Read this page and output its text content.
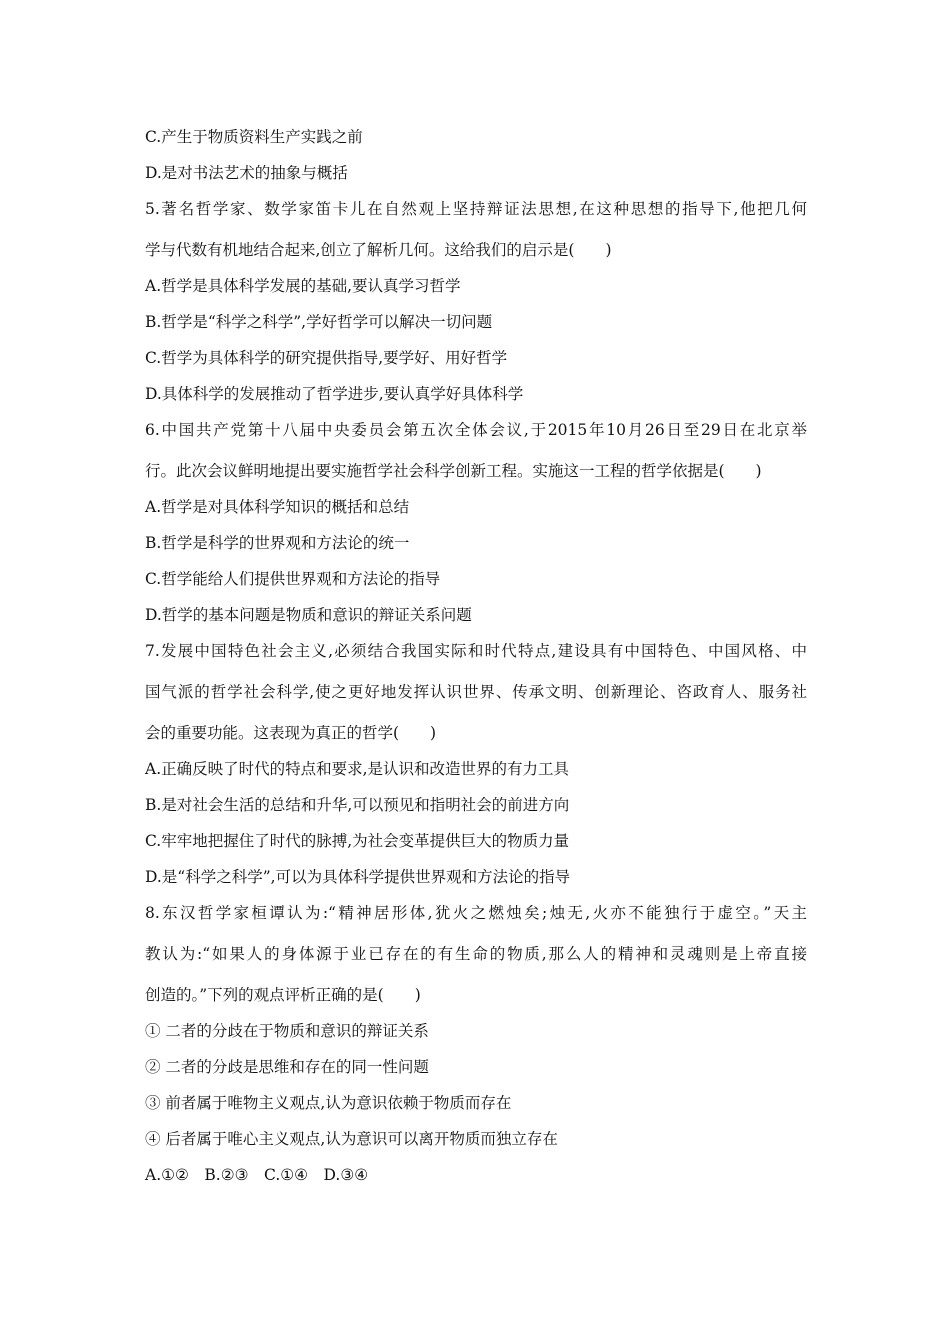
C.产生于物质资料生产实践之前
D.是对书法艺术的抽象与概括
5.著名哲学家、数学家笛卡儿在自然观上坚持辩证法思想,在这种思想的指导下,他把几何
学与代数有机地结合起来,创立了解析几何。这给我们的启示是(　　)
A.哲学是具体科学发展的基础,要认真学习哲学
B.哲学是“科学之科学”,学好哲学可以解决一切问题
C.哲学为具体科学的研究提供指导,要学好、用好哲学
D.具体科学的发展推动了哲学进步,要认真学好具体科学
6.中国共产党第十八届中央委员会第五次全体会议,于2015年10月26日至29日在北京举
行。此次会议鲜明地提出要实施哲学社会科学创新工程。实施这一工程的哲学依据是(　　)
A.哲学是对具体科学知识的概括和总结
B.哲学是科学的世界观和方法论的统一
C.哲学能给人们提供世界观和方法论的指导
D.哲学的基本问题是物质和意识的辩证关系问题
7.发展中国特色社会主义,必须结合我国实际和时代特点,建设具有中国特色、中国风格、中
国气派的哲学社会科学,使之更好地发挥认识世界、传承文明、创新理论、咨政育人、服务社
会的重要功能。这表现为真正的哲学(　　)
A.正确反映了时代的特点和要求,是认识和改造世界的有力工具
B.是对社会生活的总结和升华,可以预见和指明社会的前进方向
C.牢牢地把握住了时代的脉搏,为社会变革提供巨大的物质力量
D.是“科学之科学”,可以为具体科学提供世界观和方法论的指导
8.东汉哲学家桓谭认为:“精神居形体,犹火之燃烛矣;烛无,火亦不能独行于虚空。”天主
教认为:“如果人的身体源于业已存在的有生命的物质,那么人的精神和灵魂则是上帝直接
创造的。”下列的观点评析正确的是(　　)
① 二者的分歧在于物质和意识的辩证关系
② 二者的分歧是思维和存在的同一性问题
③ 前者属于唯物主义观点,认为意识依赖于物质而存在
④ 后者属于唯心主义观点,认为意识可以离开物质而独立存在
A.①②　B.②③　C.①④　D.③④
